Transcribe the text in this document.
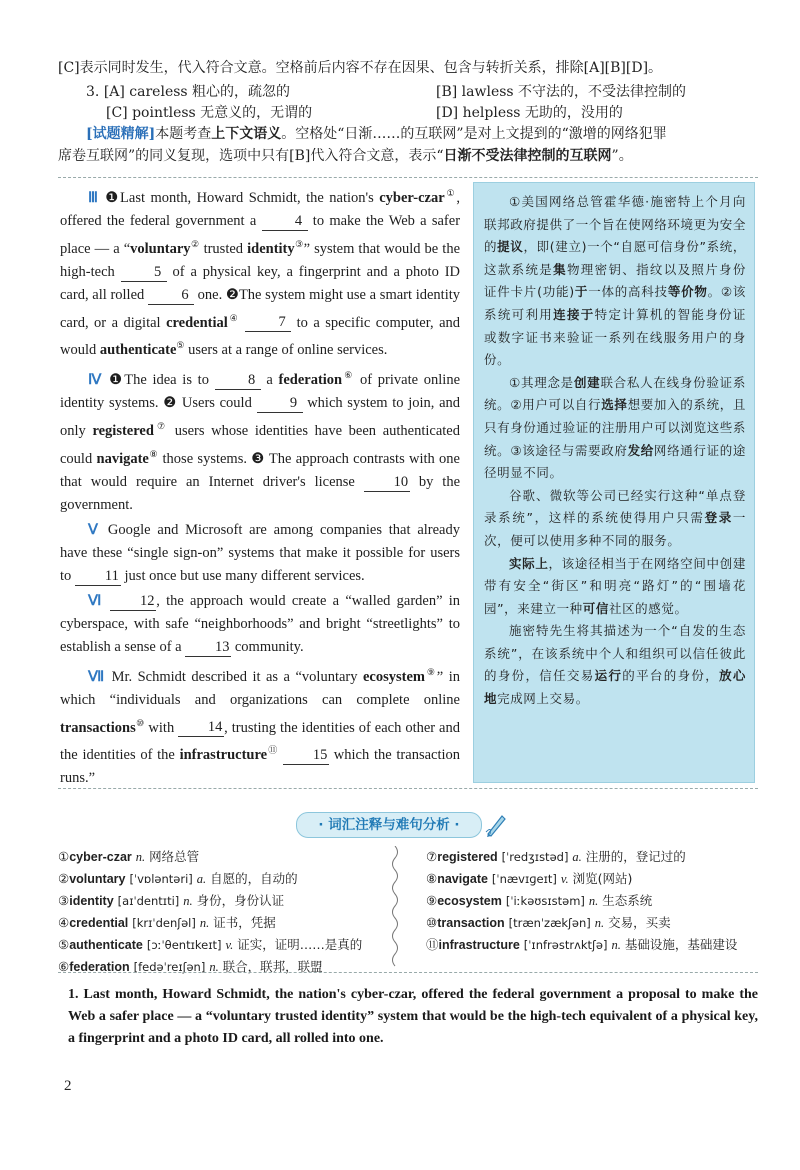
[C]表示同时发生，代入符合文意。空格前后内容不存在因果、包含与转折关系，排除[A][B][D]。
3. [A] careless 粗心的，疏忽的	[B] lawless 不守法的，不受法律控制的
[C] pointless 无意义的，无谓的	[D] helpless 无助的，没用的
[试题精解]本题考查上下文语义。空格处“日渐……的互联网”是对上文提到的“激增的网络犯罪
席卷互联网”的同义复现，选项中只有[B]代入符合文意，表示“日渐不受法律控制的互联网”。

Ⅲ ❶Last month, Howard Schmidt, the nation's cyber-czar①, offered the federal government a	4 to make the Web a safer place — a “voluntary② trusted identity③” system that would be the high-tech	5 of a physical key, a fingerprint and a photo ID card, all rolled	6 one. ❷The system might use a smart identity card, or a digital credential④	7 to a specific computer, and would authenticate⑤ users at a range of online services.

Ⅳ ❶The idea is to	8 a federation⑥ of private online identity systems. ❷ Users could	9 which system to join, and only registered⑦ users whose identities have been authenticated could navigate⑧ those systems. ❸ The approach contrasts with one that would require an Internet driver's license	10 by the government.

Ⅴ Google and Microsoft are among companies that already have these “single sign-on” systems that make it possible for users to 11 just once but use many different services.

Ⅵ 12 , the approach would create a “walled garden” in cyberspace, with safe “neighborhoods” and bright “streetlights” to establish a sense of a 13 community.

Ⅶ Mr. Schmidt described it as a “voluntary ecosystem⑨” in which “individuals and organizations can complete online transactions⑩ with 14 , trusting the identities of each other and the identities of the infrastructure⑪ 15 which the transaction runs.”

①美国网络总管霍华德·施密特上个月向联邦政府提供了一个旨在使网络环境更为安全的提议，即(建立)一个“自愿可信身份”系统，这款系统是集物理密钥、指纹以及照片身份证件卡片(功能)于一体的高科技等价物。②该系统可利用连接于特定计算机的智能身份证或数字证书来验证一系列在线服务用户的身份。

①其理念是创建联合私人在线身份验证系统。②用户可以自行选择想要加入的系统，且只有身份通过验证的注册用户可以浏览这些系统。③该途径与需要政府发给网络通行证的途径明显不同。

谷歌、微软等公司已经实行这种“单点登录系统”，这样的系统使得用户只需登录一次，便可以使用多种不同的服务。

实际上，该途径相当于在网络空间中创建带有安全“街区”和明亮“路灯”的“围墙花园”，来建立一种可信社区的感觉。

施密特先生将其描述为一个“自发的生态系统”，在该系统中个人和组织可以信任彼此的身份，信任交易运行的平台的身份，放心地完成网上交易。

· 词汇注释与难句分析 ·
①cyber-czar n. 网络总管
②voluntary [ˈvɒləntəri] a. 自愿的，自动的
③identity [aɪˈdentɪti] n. 身份，身份认证
④credential [krɪˈdenʃəl] n. 证书，凭据
⑤authenticate [ɔːˈθentɪkeɪt] v. 证实，证明……是真的
⑥federation [fedəˈreɪʃən] n. 联合，联邦，联盟
⑦registered [ˈredʒɪstəd] a. 注册的，登记过的
⑧navigate [ˈnævɪɡeɪt] v. 浏览(网站)
⑨ecosystem [ˈiːkəʊsɪstəm] n. 生态系统
⑩transaction [trænˈzækʃən] n. 交易，买卖
⑪infrastructure [ˈɪnfrəstrʌktʃə] n. 基础设施，基础建设

1. Last month, Howard Schmidt, the nation's cyber-czar, offered the federal government a proposal to make the Web a safer place — a “voluntary trusted identity” system that would be the high-tech equivalent of a physical key, a fingerprint and a photo ID card, all rolled into one.

2
